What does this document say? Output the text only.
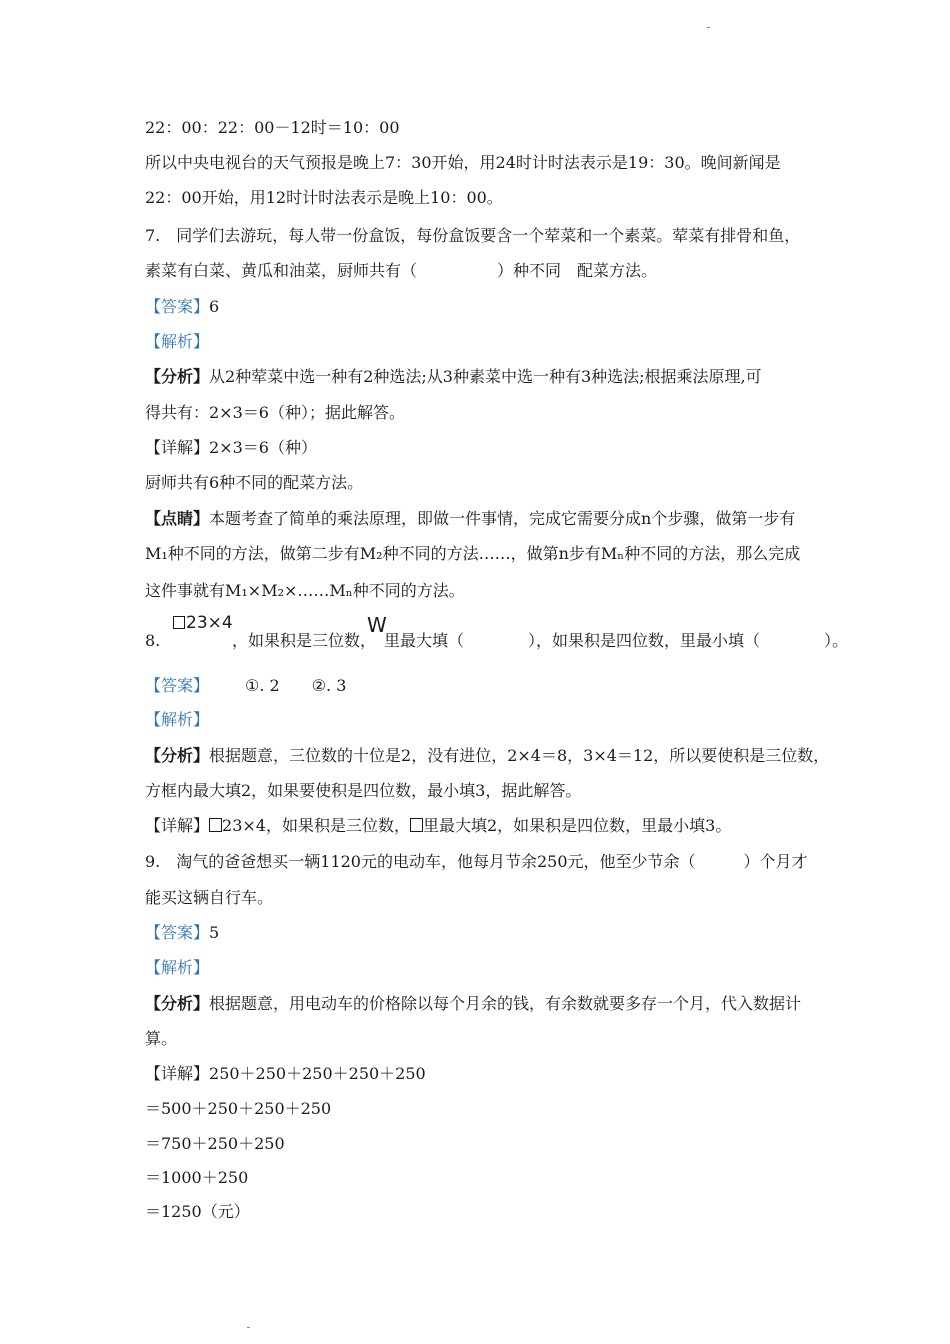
ˍ
22：00：22：00－12时＝10：00
所以中央电视台的天气预报是晚上7：30开始，用24时计时法表示是19：30。晚间新闻是
22：00开始，用12时计时法表示是晚上10：00。
7.　同学们去游玩，每人带一份盒饭，每份盒饭要含一个荤菜和一个素菜。荤菜有排骨和鱼，
素菜有白菜、黄瓜和油菜，厨师共有（　　　　　）种不同　配菜方法。
【答案】6
【解析】
【分析】从2种荤菜中选一种有2种选法;从3种素菜中选一种有3种选法;根据乘法原理,可
得共有：2×3＝6（种）；据此解答。
【详解】2×3＝6（种）
厨师共有6种不同的配菜方法。
【点睛】本题考查了简单的乘法原理，即做一件事情，完成它需要分成n个步骤，做第一步有
M₁种不同的方法，做第二步有M₂种不同的方法……，做第n步有Mₙ种不同的方法，那么完成
这件事就有M₁×M₂×……Mₙ种不同的方法。
23×4	W
8.	，如果积是三位数，　里最大填（　　　　），如果积是四位数，里最小填（　　　　）。
【答案】 ①. 2　　②. 3
【解析】
【分析】根据题意，三位数的十位是2，没有进位，2×4＝8，3×4＝12，所以要使积是三位数，
方框内最大填2，如果要使积是四位数，最小填3，据此解答。
【详解】 23×4，如果积是三位数， 里最大填2，如果积是四位数，里最小填3。
9.　淘气的爸爸想买一辆1120元的电动车，他每月节余250元，他至少节余（　　　）个月才
能买这辆自行车。
【答案】5
【解析】
【分析】根据题意，用电动车的价格除以每个月余的钱，有余数就要多存一个月，代入数据计
算。
【详解】250＋250＋250＋250＋250
＝500＋250＋250＋250
＝750＋250＋250
＝1000＋250
＝1250（元）
ˍ
